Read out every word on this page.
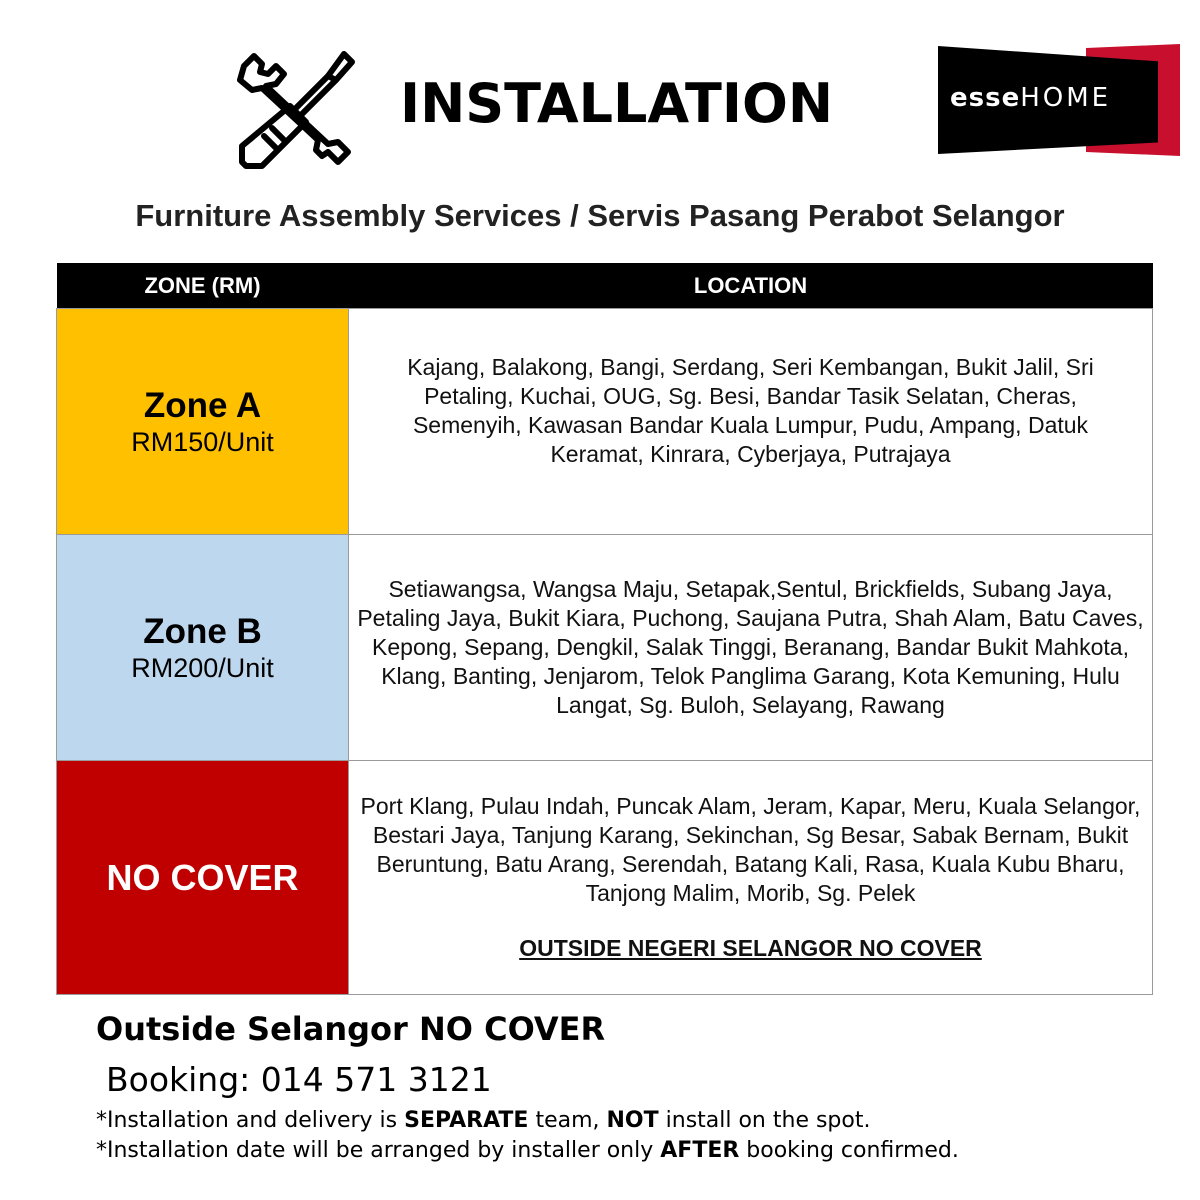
INSTALLATION	esseHOME
Furniture Assembly Services / Servis Pasang Perabot Selangor
ZONE (RM)	LOCATION

Zone A
RM150/Unit	Kajang, Balakong, Bangi, Serdang, Seri Kembangan, Bukit Jalil, Sri Petaling, Kuchai, OUG, Sg. Besi, Bandar Tasik Selatan, Cheras, Semenyih, Kawasan Bandar Kuala Lumpur, Pudu, Ampang, Datuk Keramat, Kinrara, Cyberjaya, Putrajaya

Zone B
RM200/Unit	Setiawangsa, Wangsa Maju, Setapak,Sentul, Brickfields, Subang Jaya, Petaling Jaya, Bukit Kiara, Puchong, Saujana Putra, Shah Alam, Batu Caves, Kepong, Sepang, Dengkil, Salak Tinggi, Beranang, Bandar Bukit Mahkota, Klang, Banting, Jenjarom, Telok Panglima Garang, Kota Kemuning, Hulu Langat, Sg. Buloh, Selayang, Rawang

NO COVER	Port Klang, Pulau Indah, Puncak Alam, Jeram, Kapar, Meru, Kuala Selangor, Bestari Jaya, Tanjung Karang, Sekinchan, Sg Besar, Sabak Bernam, Bukit Beruntung, Batu Arang, Serendah, Batang Kali, Rasa, Kuala Kubu Bharu, Tanjong Malim, Morib, Sg. Pelek
OUTSIDE NEGERI SELANGOR NO COVER
Outside Selangor NO COVER
Booking: 014 571 3121
*Installation and delivery is SEPARATE team, NOT install on the spot.
*Installation date will be arranged by installer only AFTER booking confirmed.
